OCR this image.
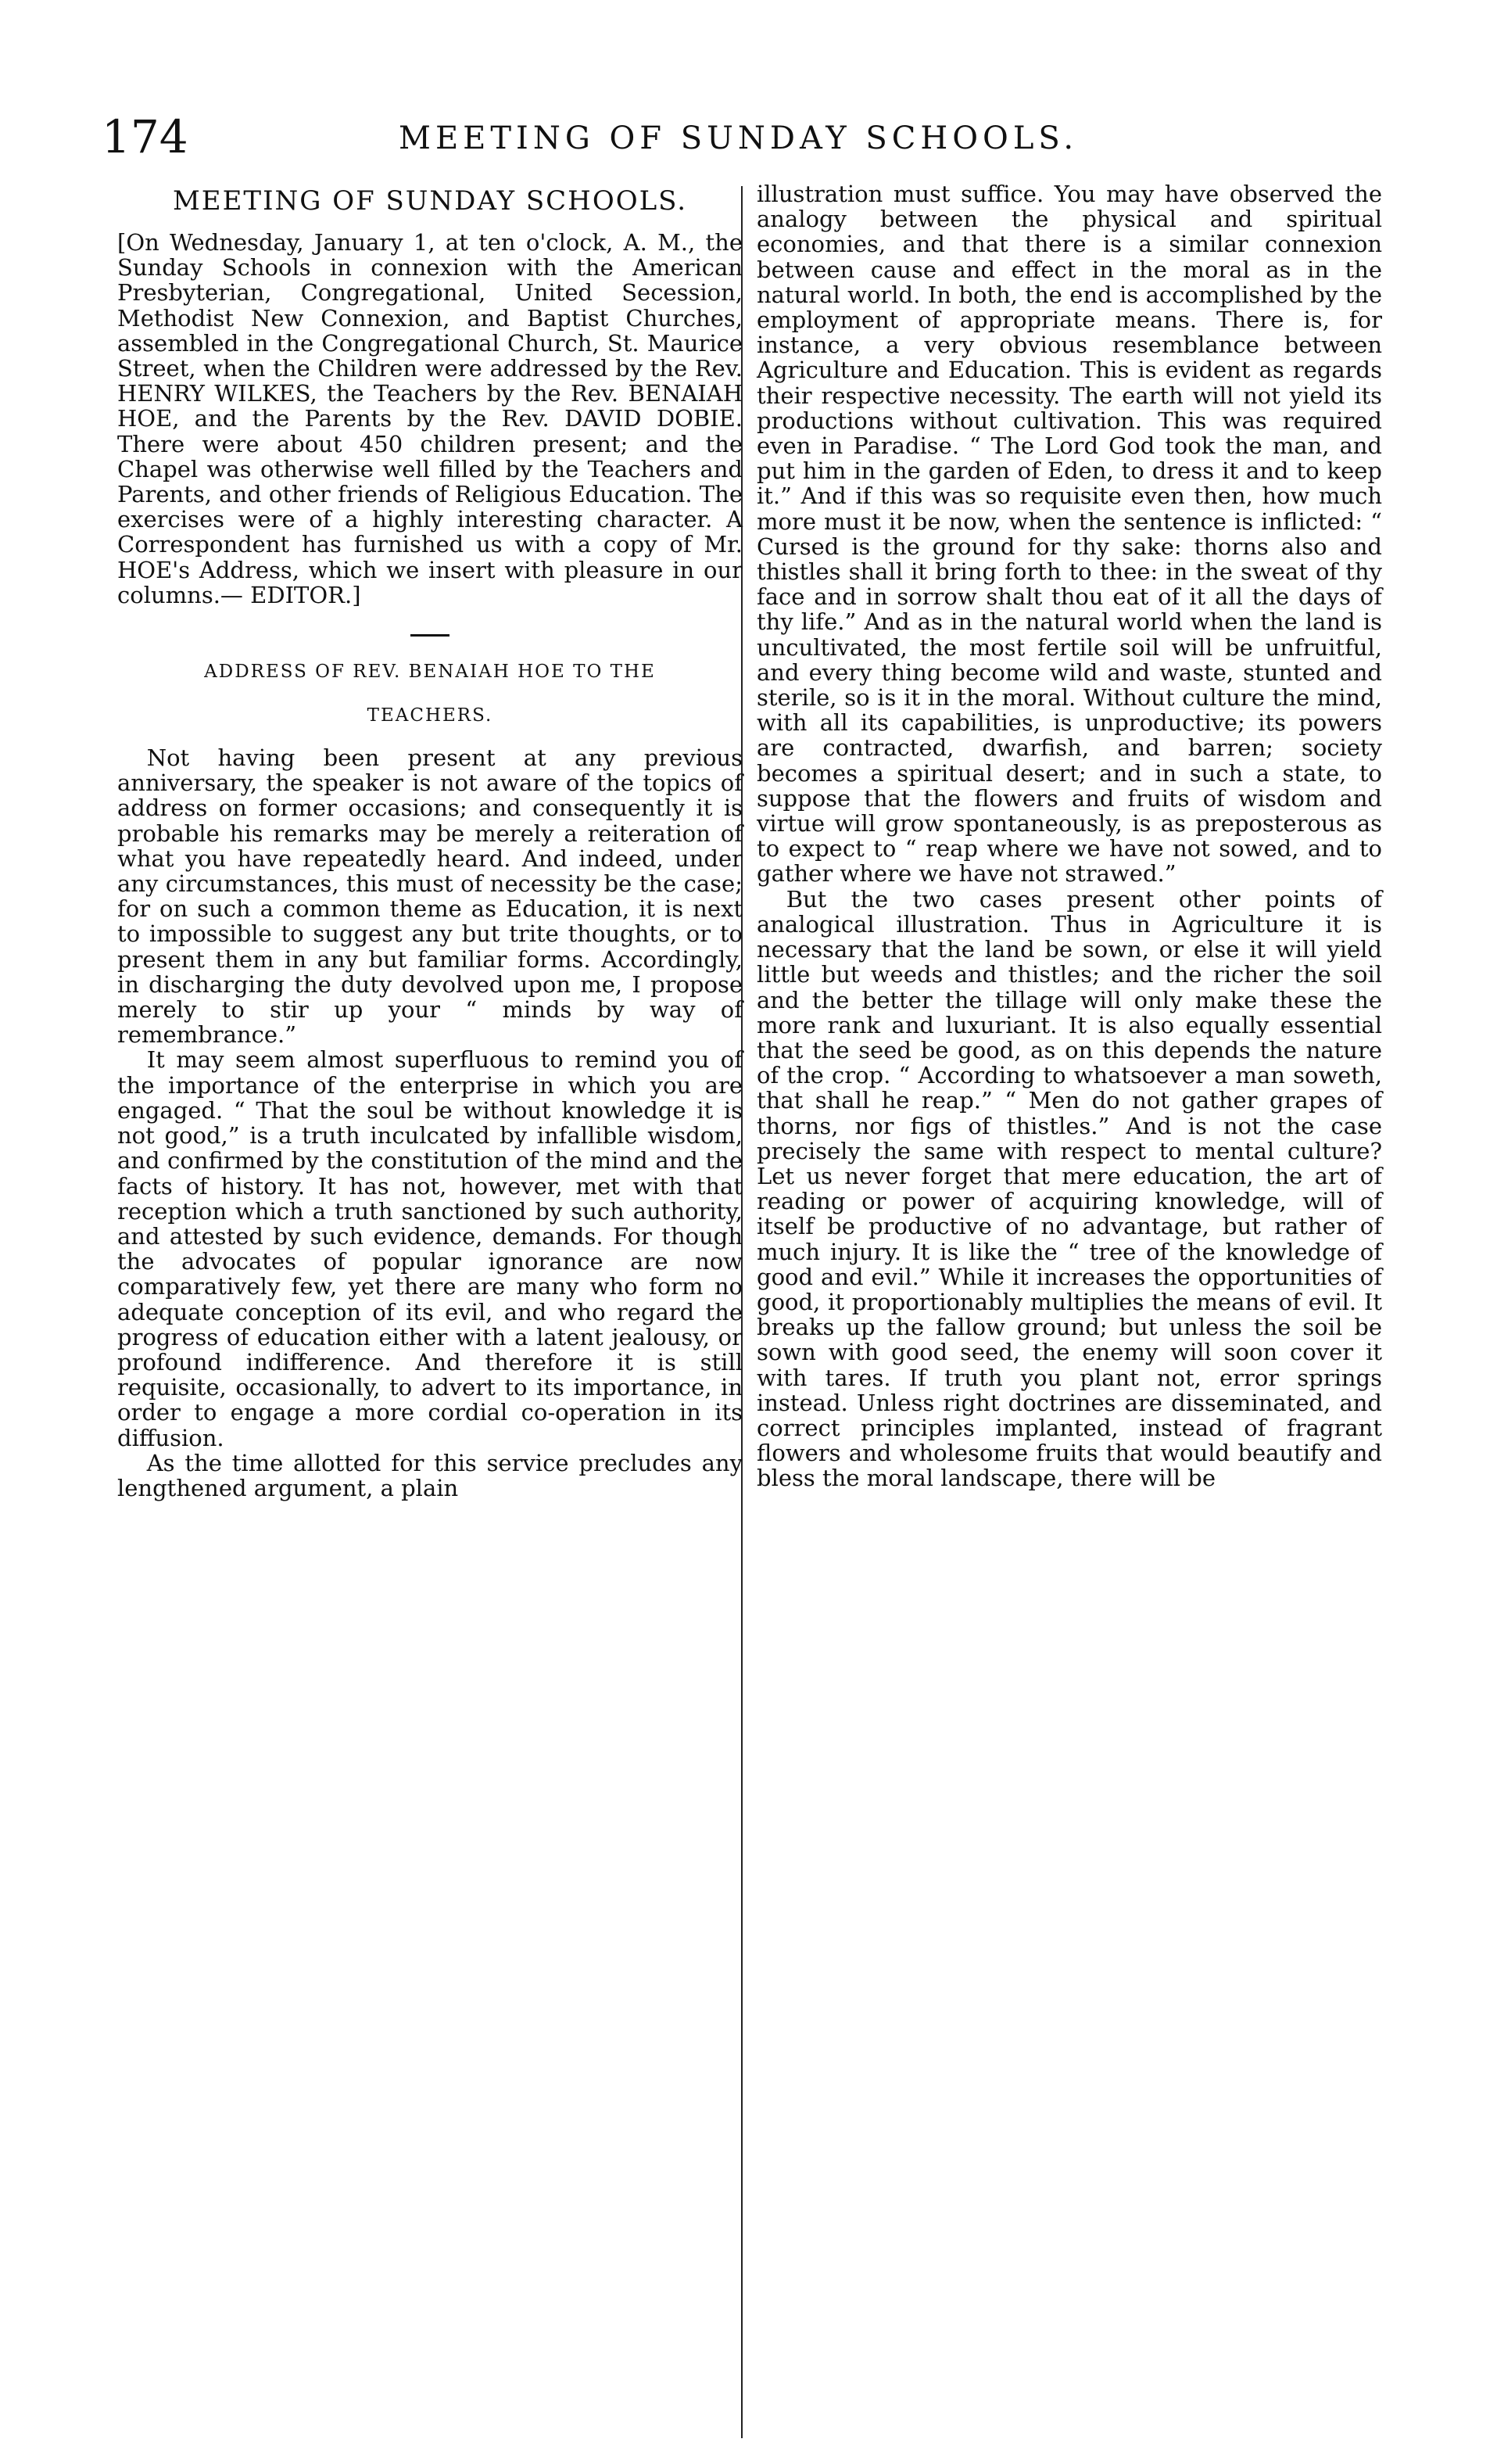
174	MEETING OF SUNDAY SCHOOLS.
MEETING OF SUNDAY SCHOOLS.

[On Wednesday, January 1, at ten o'clock, A. M., the Sunday Schools in connexion with the American Presbyterian, Congregational, United Secession, Methodist New Connexion, and Baptist Churches, assembled in the Congregational Church, St. Maurice Street, when the Children were addressed by the Rev. HENRY WILKES, the Teachers by the Rev. BENAIAH HOE, and the Parents by the Rev. DAVID DOBIE. There were about 450 children present; and the Chapel was otherwise well filled by the Teachers and Parents, and other friends of Religious Education. The exercises were of a highly interesting character. A Correspondent has furnished us with a copy of Mr. HOE's Address, which we insert with pleasure in our columns.— EDITOR.]

ADDRESS OF REV. BENAIAH HOE TO THE
TEACHERS.

Not having been present at any previous anniversary, the speaker is not aware of the topics of address on former occasions; and consequently it is probable his remarks may be merely a reiteration of what you have repeatedly heard. And indeed, under any circumstances, this must of necessity be the case; for on such a common theme as Education, it is next to impossible to suggest any but trite thoughts, or to present them in any but familiar forms. Accordingly, in discharging the duty devolved upon me, I propose merely to stir up your “ minds by way of remembrance.”

It may seem almost superfluous to remind you of the importance of the enterprise in which you are engaged. “ That the soul be without knowledge it is not good,” is a truth inculcated by infallible wisdom, and confirmed by the constitution of the mind and the facts of history. It has not, however, met with that reception which a truth sanctioned by such authority, and attested by such evidence, demands. For though the advocates of popular ignorance are now comparatively few, yet there are many who form no adequate conception of its evil, and who regard the progress of education either with a latent jealousy, or profound indifference. And therefore it is still requisite, occasionally, to advert to its importance, in order to engage a more cordial co-operation in its diffusion.

As the time allotted for this service precludes any lengthened argument, a plain

illustration must suffice. You may have observed the analogy between the physical and spiritual economies, and that there is a similar connexion between cause and effect in the moral as in the natural world. In both, the end is accomplished by the employment of appropriate means. There is, for instance, a very obvious resemblance between Agriculture and Education. This is evident as regards their respective necessity. The earth will not yield its productions without cultivation. This was required even in Paradise. “ The Lord God took the man, and put him in the garden of Eden, to dress it and to keep it.” And if this was so requisite even then, how much more must it be now, when the sentence is inflicted: “ Cursed is the ground for thy sake: thorns also and thistles shall it bring forth to thee: in the sweat of thy face and in sorrow shalt thou eat of it all the days of thy life.” And as in the natural world when the land is uncultivated, the most fertile soil will be unfruitful, and every thing become wild and waste, stunted and sterile, so is it in the moral. Without culture the mind, with all its capabilities, is unproductive; its powers are contracted, dwarfish, and barren; society becomes a spiritual desert; and in such a state, to suppose that the flowers and fruits of wisdom and virtue will grow spontaneously, is as preposterous as to expect to “ reap where we have not sowed, and to gather where we have not strawed.”

But the two cases present other points of analogical illustration. Thus in Agriculture it is necessary that the land be sown, or else it will yield little but weeds and thistles; and the richer the soil and the better the tillage will only make these the more rank and luxuriant. It is also equally essential that the seed be good, as on this depends the nature of the crop. “ According to whatsoever a man soweth, that shall he reap.” “ Men do not gather grapes of thorns, nor figs of thistles.” And is not the case precisely the same with respect to mental culture? Let us never forget that mere education, the art of reading or power of acquiring knowledge, will of itself be productive of no advantage, but rather of much injury. It is like the “ tree of the knowledge of good and evil.” While it increases the opportunities of good, it proportionably multiplies the means of evil. It breaks up the fallow ground; but unless the soil be sown with good seed, the enemy will soon cover it with tares. If truth you plant not, error springs instead. Unless right doctrines are disseminated, and correct principles implanted, instead of fragrant flowers and wholesome fruits that would beautify and bless the moral landscape, there will be
